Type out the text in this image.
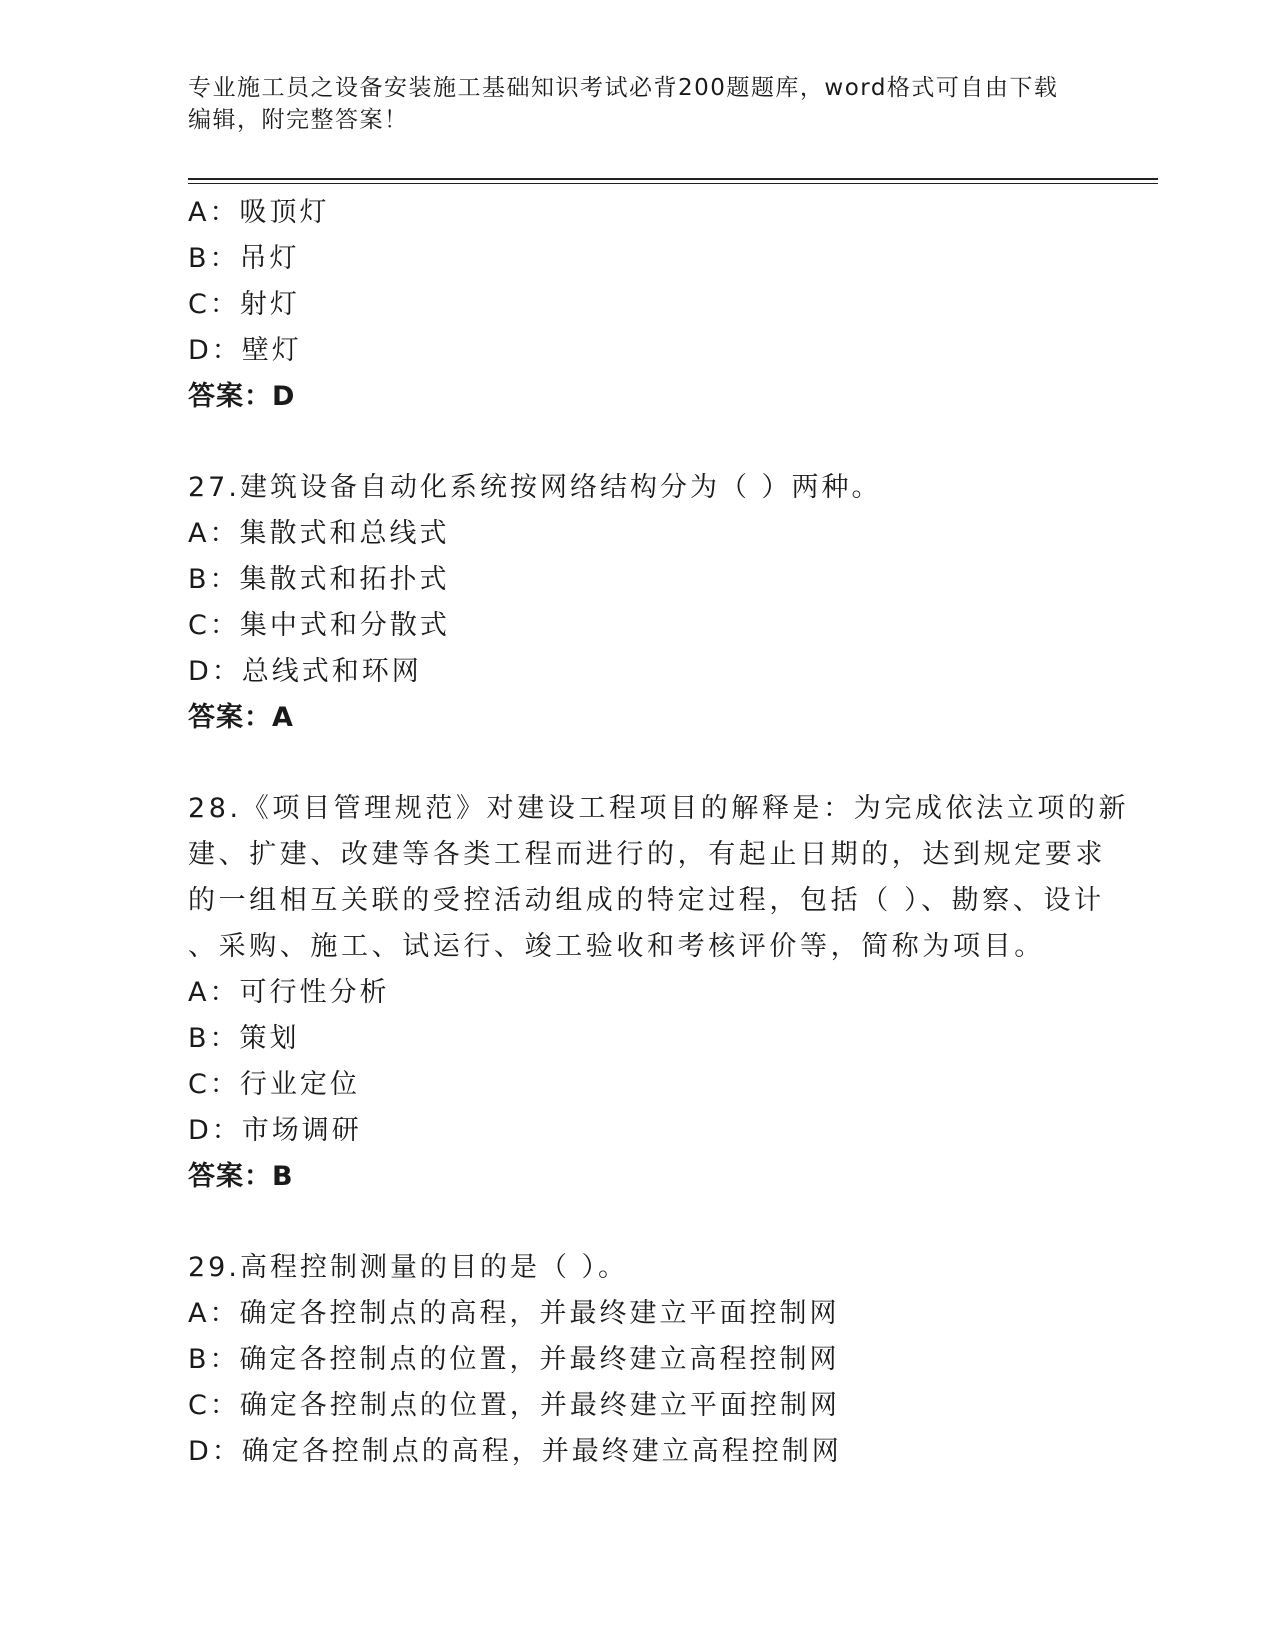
专业施工员之设备安装施工基础知识考试必背200题题库，word格式可自由下载编辑，附完整答案！
A：吸顶灯
B：吊灯
C：射灯
D：壁灯
答案：D
27.建筑设备自动化系统按网络结构分为（ ）两种。
A：集散式和总线式
B：集散式和拓扑式
C：集中式和分散式
D：总线式和环网
答案：A
28.《项目管理规范》对建设工程项目的解释是：为完成依法立项的新
建、扩建、改建等各类工程而进行的，有起止日期的，达到规定要求
的一组相互关联的受控活动组成的特定过程，包括（ ）、勘察、设计
、采购、施工、试运行、竣工验收和考核评价等，简称为项目。
A：可行性分析
B：策划
C：行业定位
D：市场调研
答案：B
29.高程控制测量的目的是（ ）。
A：确定各控制点的高程，并最终建立平面控制网
B：确定各控制点的位置，并最终建立高程控制网
C：确定各控制点的位置，并最终建立平面控制网
D：确定各控制点的高程，并最终建立高程控制网
